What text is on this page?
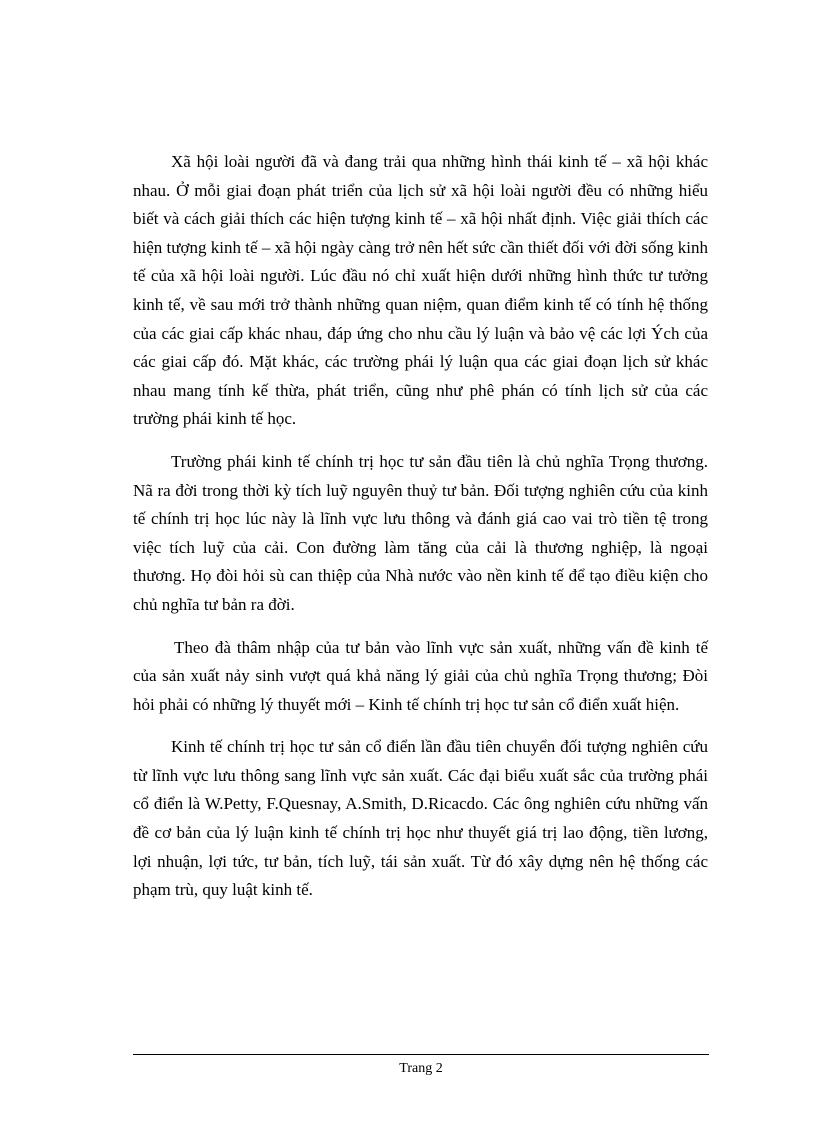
Xã hội loài người đã và đang trải qua những hình thái kinh tế – xã hội khác nhau. Ở mỗi giai đoạn phát triển của lịch sử xã hội loài người đều có những hiểu biết và cách giải thích các hiện tượng kinh tế – xã hội nhất định. Việc giải thích các hiện tượng kinh tế – xã hội ngày càng trở nên hết sức cần thiết đối với đời sống kinh tế của xã hội loài người. Lúc đầu nó chỉ xuất hiện dưới những hình thức tư tưởng kinh tế, về sau mới trở thành những quan niệm, quan điểm kinh tế có tính hệ thống của các giai cấp khác nhau, đáp ứng cho nhu cầu lý luận và bảo vệ các lợi Ých của các giai cấp đó. Mặt khác, các trường phái lý luận qua các giai đoạn lịch sử khác nhau mang tính kế thừa, phát triển, cũng như phê phán có tính lịch sử của các trường phái kinh tế học.

Trường phái kinh tế chính trị học tư sản đầu tiên là chủ nghĩa Trọng thương. Nã ra đời trong thời kỳ tích luỹ nguyên thuỷ tư bản. Đối tượng nghiên cứu của kinh tế chính trị học lúc này là lĩnh vực lưu thông và đánh giá cao vai trò tiền tệ trong việc tích luỹ của cải. Con đường làm tăng của cải là thương nghiệp, là ngoại thương. Họ đòi hỏi sù can thiệp của Nhà nước vào nền kinh tế để tạo điều kiện cho chủ nghĩa tư bản ra đời.

Theo đà thâm nhập của tư bản vào lĩnh vực sản xuất, những vấn đề kinh tế của sản xuất nảy sinh vượt quá khả năng lý giải của chủ nghĩa Trọng thương; Đòi hỏi phải có những lý thuyết mới – Kinh tế chính trị học tư sản cổ điển xuất hiện.

Kinh tế chính trị học tư sản cổ điển lần đầu tiên chuyển đối tượng nghiên cứu từ lĩnh vực lưu thông sang lĩnh vực sản xuất. Các đại biểu xuất sắc của trường phái cổ điển là W.Petty, F.Quesnay, A.Smith, D.Ricacdo. Các ông nghiên cứu những vấn đề cơ bản của lý luận kinh tế chính trị học như thuyết giá trị lao động, tiền lương, lợi nhuận, lợi tức, tư bản, tích luỹ, tái sản xuất. Từ đó xây dựng nên hệ thống các phạm trù, quy luật kinh tế.

Trang 2
